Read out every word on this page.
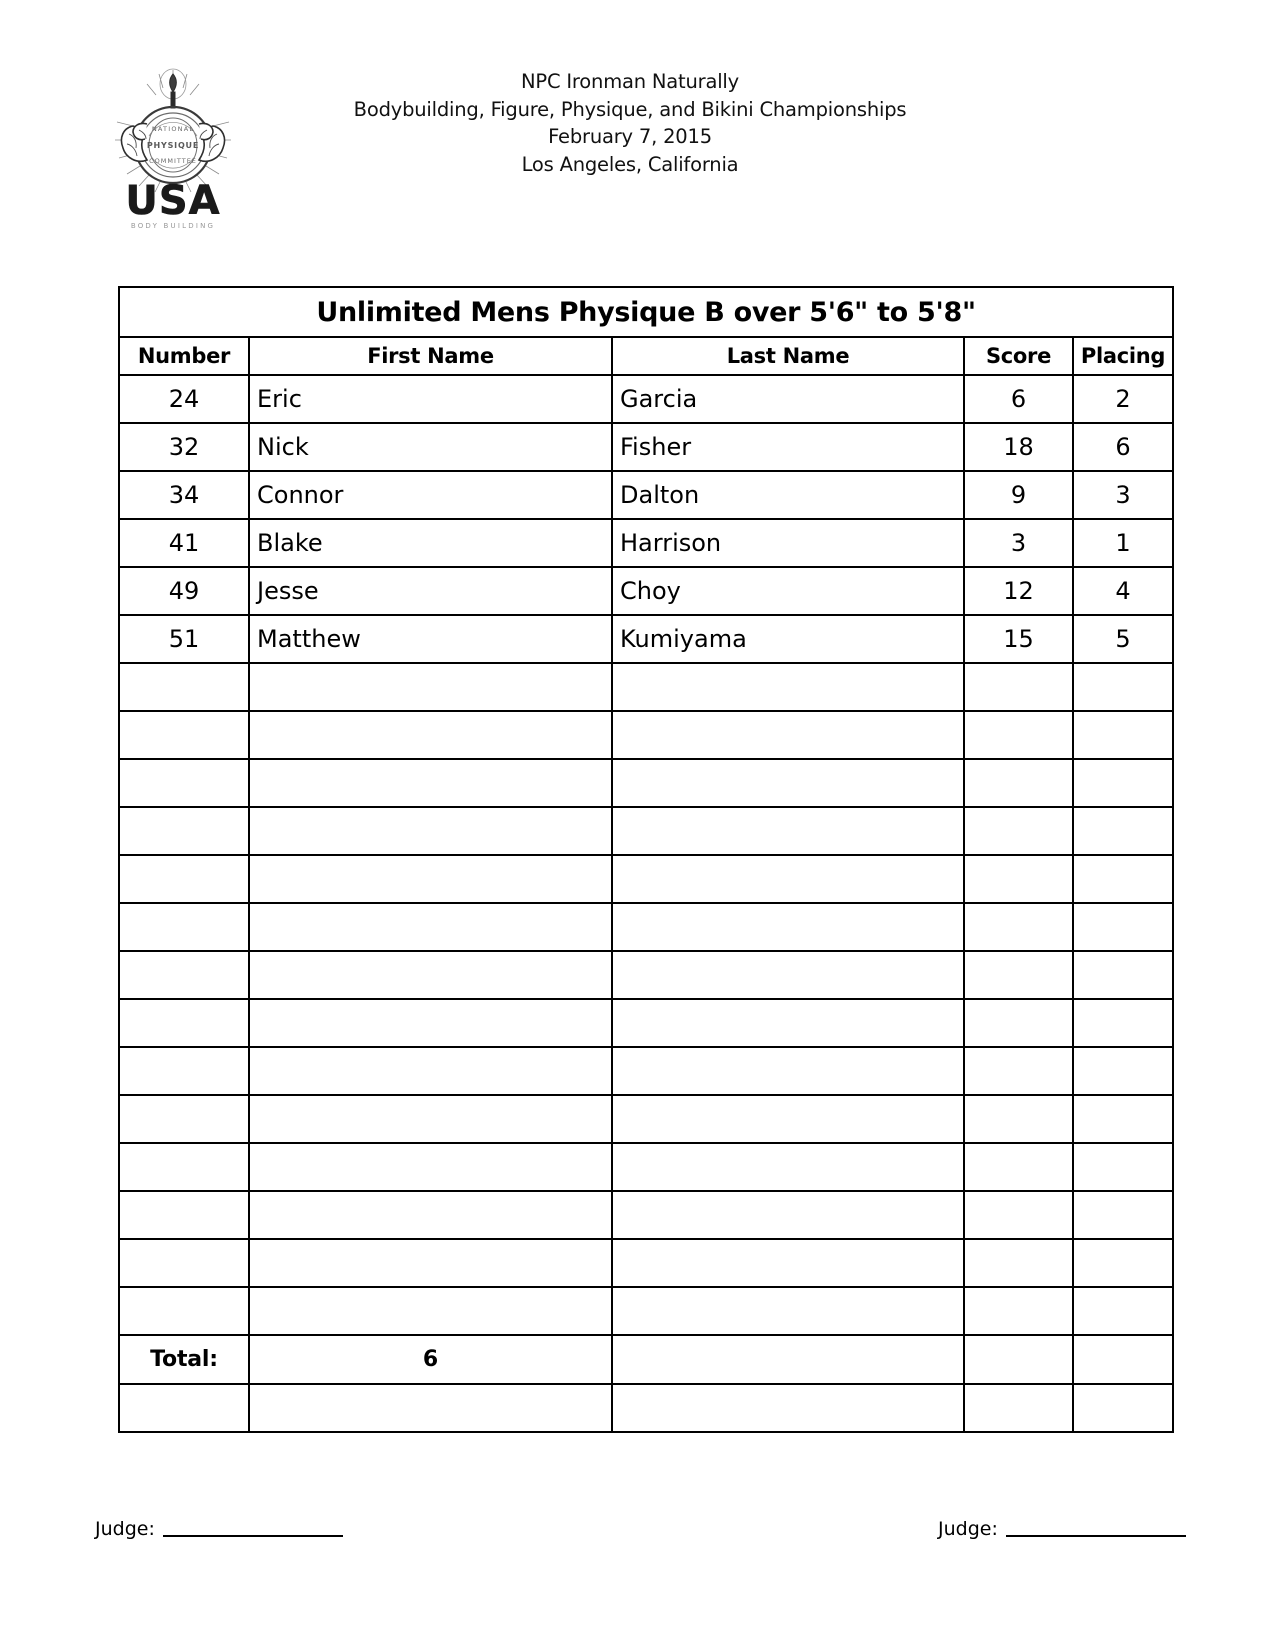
NATIONAL
PHYSIQUE
COMMITTEE
USA
BODY BUILDING
NPC Ironman Naturally
Bodybuilding, Figure, Physique, and Bikini Championships
February 7, 2015
Los Angeles, California
Unlimited Mens Physique B over 5'6" to 5'8"				
Number	First Name	Last Name	Score	Placing
24	Eric	Garcia	6	2
32	Nick	Fisher	18	6
34	Connor	Dalton	9	3
41	Blake	Harrison	3	1
49	Jesse	Choy	12	4
51	Matthew	Kumiyama	15	5

Total:	6			

Judge:	Judge:
